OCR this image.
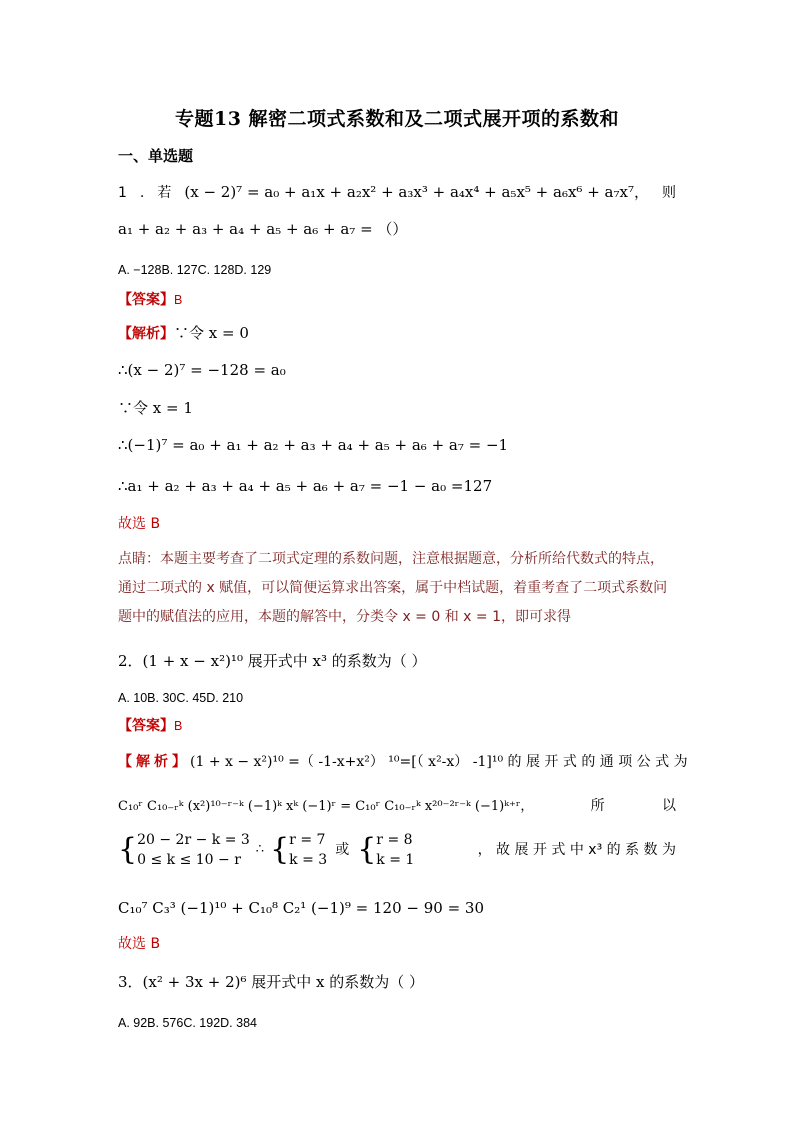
专题13 解密二项式系数和及二项式展开项的系数和
一、单选题
1 . 若 (x − 2)⁷ = a₀ + a₁x + a₂x² + a₃x³ + a₄x⁴ + a₅x⁵ + a₆x⁶ + a₇x⁷， 则
a₁ + a₂ + a₃ + a₄ + a₅ + a₆ + a₇ = （）
A. −128B. 127C. 128D. 129
【答案】B
【解析】∵令 x = 0
∴(x − 2)⁷ = −128 = a₀
∵令 x = 1
∴(−1)⁷ = a₀ + a₁ + a₂ + a₃ + a₄ + a₅ + a₆ + a₇ = −1
∴a₁ + a₂ + a₃ + a₄ + a₅ + a₆ + a₇ = −1 − a₀ =127
故选 B
点睛：本题主要考查了二项式定理的系数问题，注意根据题意，分析所给代数式的特点，通过二项式的 x 赋值，可以简便运算求出答案，属于中档试题，着重考查了二项式系数问题中的赋值法的应用，本题的解答中，分类令 x = 0 和 x = 1，即可求得
2．(1 + x − x²)¹⁰ 展开式中 x³ 的系数为（ ）
A. 10B. 30C. 45D. 210
【答案】B
【解析】 (1 + x − x²)¹⁰ =（ -1-x+x²） ¹⁰=[（ x²-x） -1]¹⁰ 的 展 开 式 的 通 项 公 式 为
C₁₀ʳ C₁₀₋ᵣᵏ (x²)¹⁰⁻ʳ⁻ᵏ (−1)ᵏ xᵏ (−1)ʳ = C₁₀ʳ C₁₀₋ᵣᵏ x²⁰⁻²ʳ⁻ᵏ (−1)ᵏ⁺ʳ，	所	以
{ 20 − 2r − k = 3
0 ≤ k ≤ 10 − r
∴ { r = 7
k = 3
或 { r = 8
k = 1
， 故 展 开 式 中 x³ 的 系 数 为
C₁₀⁷ C₃³ (−1)¹⁰ + C₁₀⁸ C₂¹ (−1)⁹ = 120 − 90 = 30
故选 B
3．(x² + 3x + 2)⁶ 展开式中 x 的系数为（ ）
A. 92B. 576C. 192D. 384
